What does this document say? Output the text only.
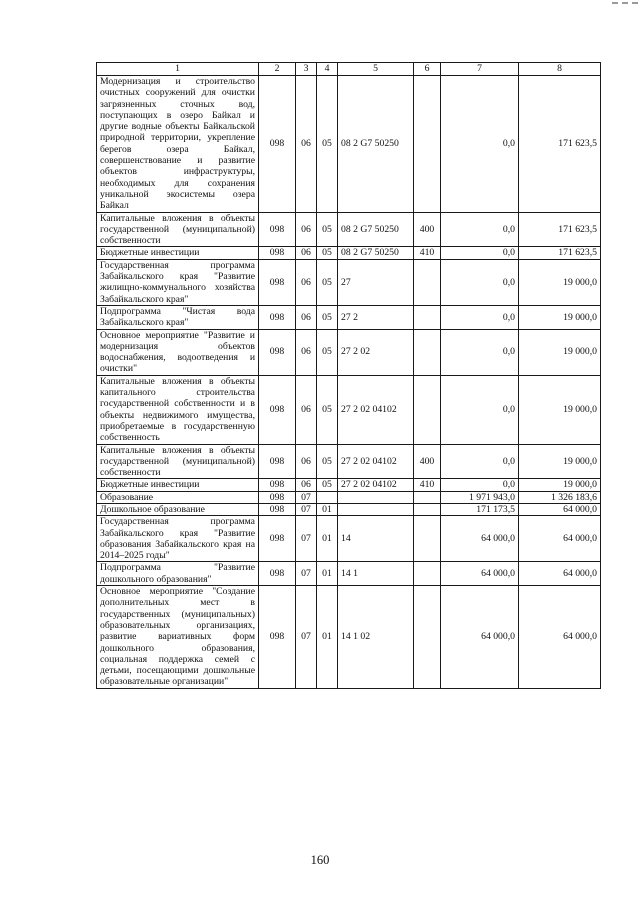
1	2	3	4	5	6	7	8
Модернизация и строительство очистных сооружений для очистки загрязненных сточных вод, поступающих в озеро Байкал и другие водные объекты Байкальской природной территории, укрепление берегов озера Байкал, совершенствование и развитие объектов инфраструктуры, необходимых для сохранения уникальной экосистемы озера Байкал	098	06	05	08 2 G7 50250		0,0	171 623,5
Капитальные вложения в объекты государственной (муниципальной) собственности	098	06	05	08 2 G7 50250	400	0,0	171 623,5
Бюджетные инвестиции	098	06	05	08 2 G7 50250	410	0,0	171 623,5
Государственная программа Забайкальского края "Развитие жилищно-коммунального хозяйства Забайкальского края"	098	06	05	27		0,0	19 000,0
Подпрограмма "Чистая вода Забайкальского края"	098	06	05	27 2		0,0	19 000,0
Основное мероприятие "Развитие и модернизация объектов водоснабжения, водоотведения и очистки"	098	06	05	27 2 02		0,0	19 000,0
Капитальные вложения в объекты капитального строительства государственной собственности и в объекты недвижимого имущества, приобретаемые в государственную собственность	098	06	05	27 2 02 04102		0,0	19 000,0
Капитальные вложения в объекты государственной (муниципальной) собственности	098	06	05	27 2 02 04102	400	0,0	19 000,0
Бюджетные инвестиции	098	06	05	27 2 02 04102	410	0,0	19 000,0
Образование	098	07				1 971 943,0	1 326 183,6
Дошкольное образование	098	07	01			171 173,5	64 000,0
Государственная программа Забайкальского края "Развитие образования Забайкальского края на 2014–2025 годы"	098	07	01	14		64 000,0	64 000,0
Подпрограмма "Развитие дошкольного образования"	098	07	01	14 1		64 000,0	64 000,0
Основное мероприятие "Создание дополнительных мест в государственных (муниципальных) образовательных организациях, развитие вариативных форм дошкольного образования, социальная поддержка семей с детьми, посещающими дошкольные образовательные организации"	098	07	01	14 1 02		64 000,0	64 000,0
160
